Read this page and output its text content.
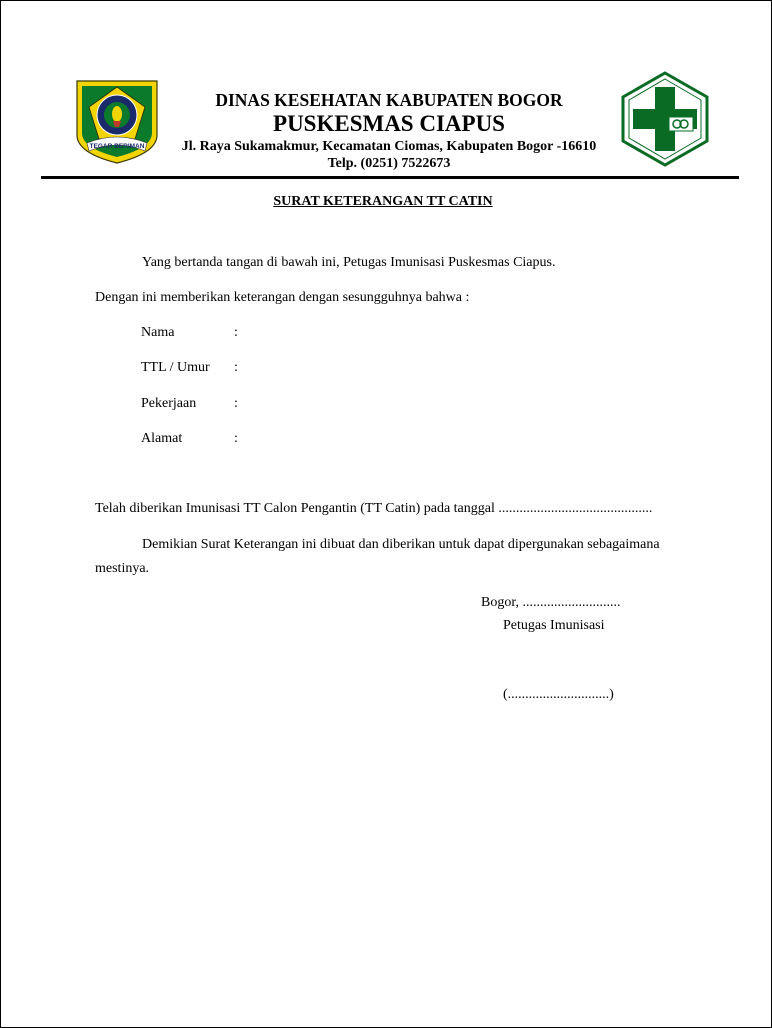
TEGAR BERIMAN
DINAS KESEHATAN KABUPATEN BOGOR
PUSKESMAS CIAPUS
Jl. Raya Sukamakmur, Kecamatan Ciomas, Kabupaten Bogor -16610
Telp. (0251) 7522673
SURAT KETERANGAN TT CATIN
Yang bertanda tangan di bawah ini, Petugas Imunisasi Puskesmas Ciapus.
Dengan ini memberikan keterangan dengan sesungguhnya bahwa :
Nama	:
TTL / Umur :
Pekerjaan	:
Alamat	:
Telah diberikan Imunisasi TT Calon Pengantin (TT Catin) pada tanggal ............................................
Demikian Surat Keterangan ini dibuat dan diberikan untuk dapat dipergunakan sebagaimana
mestinya.
Bogor, ............................
Petugas Imunisasi
(.............................)
